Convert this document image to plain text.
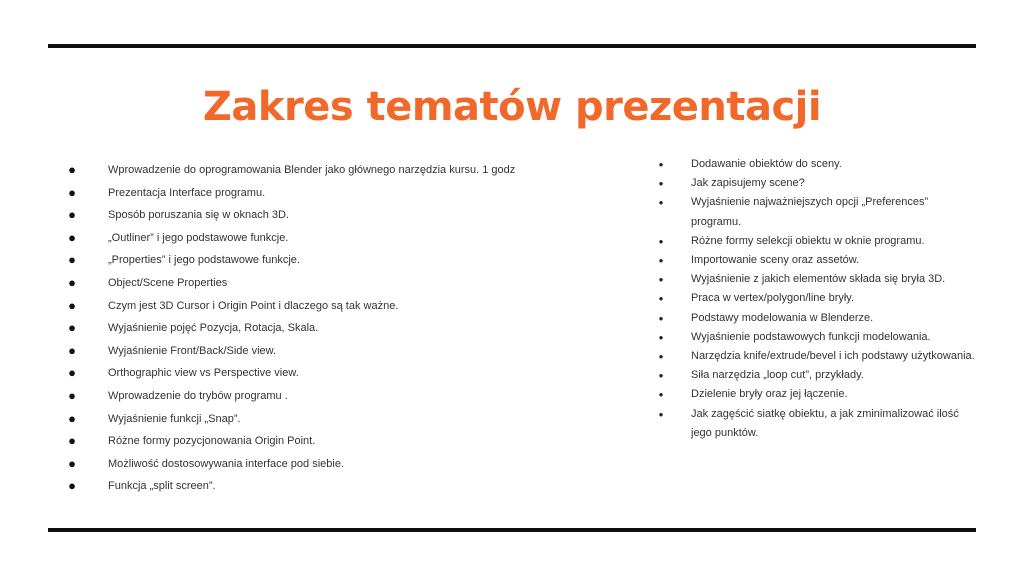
Zakres tematów prezentacji
●	Wprowadzenie do oprogramowania Blender jako głównego narzędzia kursu. 1 godz
●	Prezentacja Interface programu.
●	Sposób poruszania się w oknach 3D.
●	„Outliner” i jego podstawowe funkcje.
●	„Properties” i jego podstawowe funkcje.
●	Object/Scene Properties
●	Czym jest 3D Cursor i Origin Point i dlaczego są tak ważne.
●	Wyjaśnienie pojęć Pozycja, Rotacja, Skala.
●	Wyjaśnienie Front/Back/Side view.
●	Orthographic view vs Perspective view.
●	Wprowadzenie do trybów programu .
●	Wyjaśnienie funkcji „Snap”.
●	Różne formy pozycjonowania Origin Point.
●	Możliwość dostosowywania interface pod siebie.
●	Funkcja „split screen”.
●	Dodawanie obiektów do sceny.
●	Jak zapisujemy scene?
●	Wyjaśnienie najważniejszych opcji „Preferences” programu.
●	Różne formy selekcji obiektu w oknie programu.
●	Importowanie sceny oraz assetów.
●	Wyjaśnienie z jakich elementów składa się bryła 3D.
●	Praca w vertex/polygon/line bryły.
●	Podstawy modelowania w Blenderze.
●	Wyjaśnienie podstawowych funkcji modelowania.
●	Narzędzia knife/extrude/bevel i ich podstawy użytkowania.
●	Siła narzędzia „loop cut”, przykłady.
●	Dzielenie bryły oraz jej łączenie.
●	Jak zagęścić siatkę obiektu, a jak zminimalizować ilość jego punktów.
